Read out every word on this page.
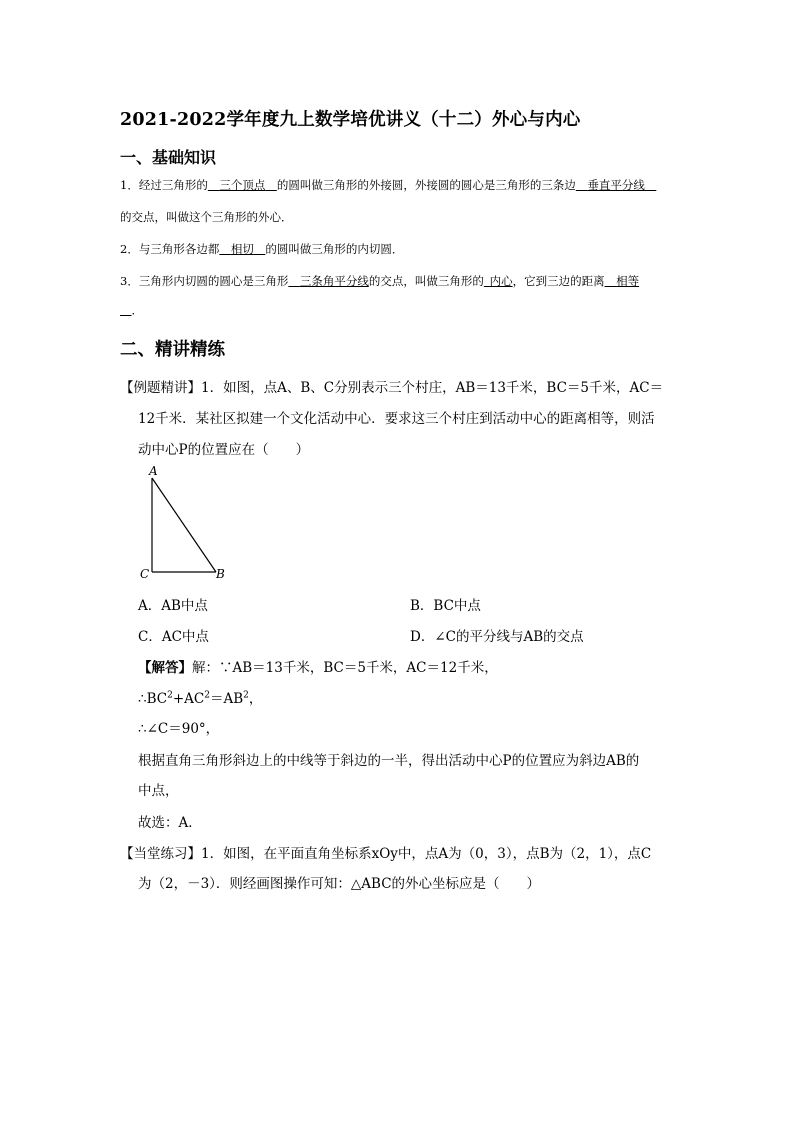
2021-2022学年度九上数学培优讲义（十二）外心与内心
一、基础知识
1．经过三角形的　 三个顶点　 的圆叫做三角形的外接圆，外接圆的圆心是三角形的三条边　 垂直平分线　
的交点，叫做这个三角形的外心．
2．与三角形各边都　 相切　 的圆叫做三角形的内切圆．
3．三角形内切圆的圆心是三角形　 三条角平分线的交点，叫做三角形的  内心，它到三边的距离　 相等
　．
二、精讲精练
【例题精讲】1．如图，点A、B、C分别表示三个村庄，AB＝13千米，BC＝5千米，AC＝
12千米．某社区拟建一个文化活动中心．要求这三个村庄到活动中心的距离相等，则活
动中心P的位置应在（　　）
A
C	B
A．AB中点	B．BC中点
C．AC中点	D．∠C的平分线与AB的交点
【解答】解：∵AB＝13千米，BC＝5千米，AC＝12千米，
$\therefore BC^2+AC^2=AB^2$，
∴∠C＝90°，
根据直角三角形斜边上的中线等于斜边的一半，得出活动中心P的位置应为斜边AB的
中点，
故选：A．
【当堂练习】1．如图，在平面直角坐标系xOy中，点A为（0，3），点B为（2，1），点C
为（2，－3）．则经画图操作可知：△ABC的外心坐标应是（　　）
